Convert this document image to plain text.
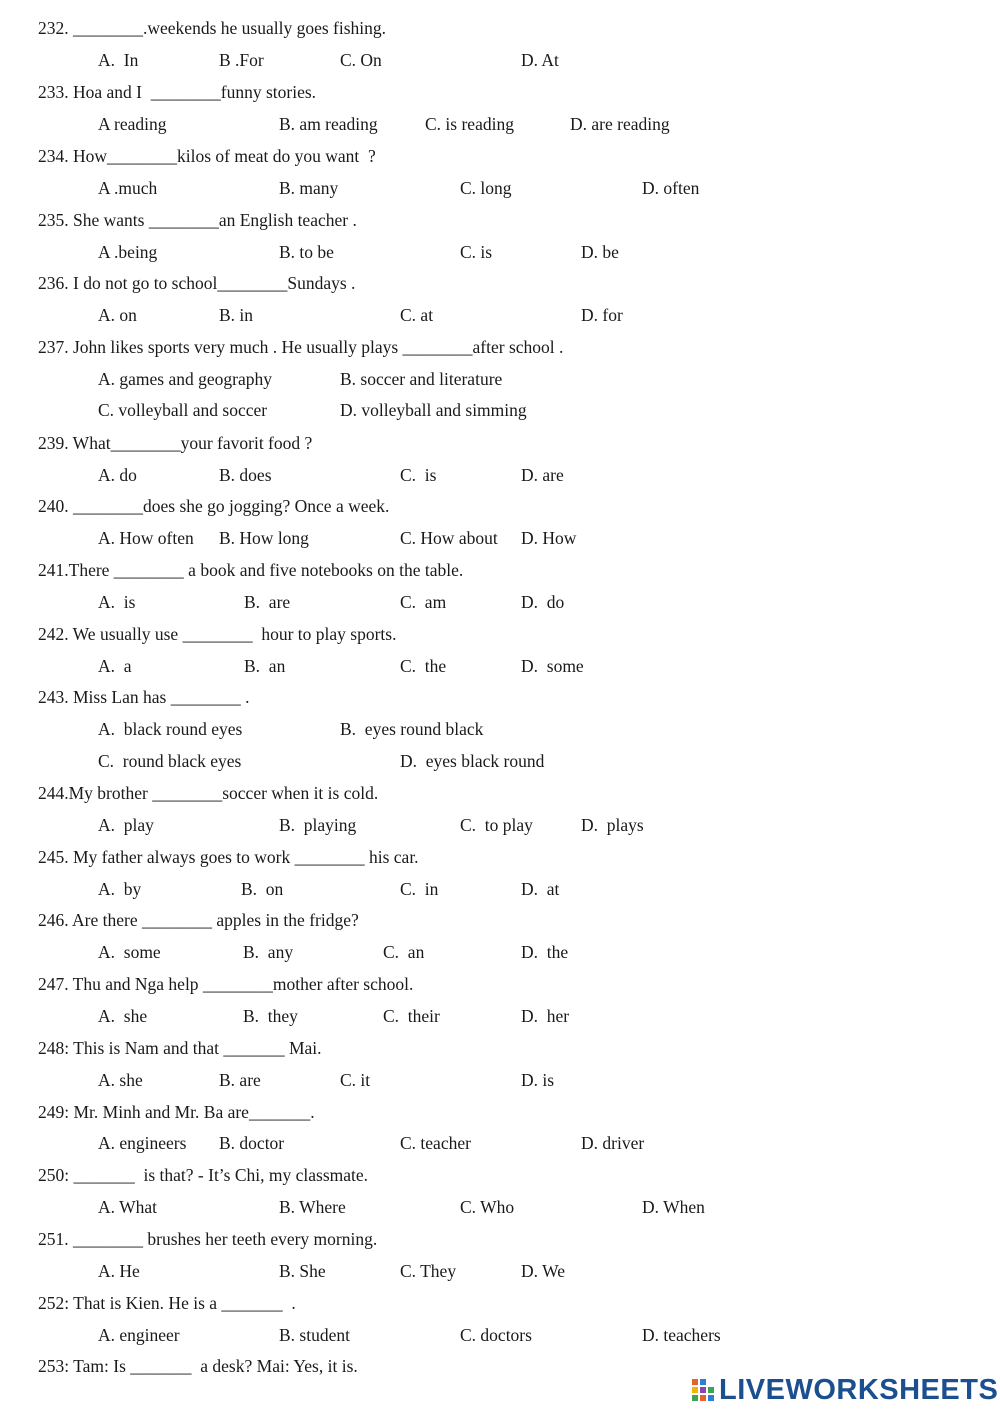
232. ________.weekends he usually goes fishing.
A.  In	B .For	C. On	D. At
233. Hoa and I  ________funny stories.
A reading	B. am reading	C. is reading	D. are reading
234. How________kilos of meat do you want  ?
A .much	B. many	C. long	D. often
235. She wants ________an English teacher .
A .being	B. to be	C. is	D. be
236. I do not go to school________Sundays .
A. on	B. in	C. at	D. for
237. John likes sports very much . He usually plays ________after school .
A. games and geography	B. soccer and literature
C. volleyball and soccer	D. volleyball and simming
239. What________your favorit food ?
A. do	B. does	C.  is	D. are
240. ________does she go jogging? Once a week.
A. How often B. How long	C. How about D. How
241.There ________ a book and five notebooks on the table.
A.  is	B.  are	C.  am	D.  do
242. We usually use ________  hour to play sports.
A.  a	B.  an	C.  the	D.  some
243. Miss Lan has ________ .
A.  black round eyes	B.  eyes round black
C.  round black eyes	D.  eyes black round
244.My brother ________soccer when it is cold.
A.  play	B.  playing	C.  to play	D.  plays
245. My father always goes to work ________ his car.
A.  by	B.  on	C.  in	D.  at
246. Are there ________ apples in the fridge?
A.  some	B.  any	C.  an	D.  the
247. Thu and Nga help ________mother after school.
A.  she	B.  they	C.  their	D.  her
248: This is Nam and that _______ Mai.
A. she	B. are	C. it	D. is
249: Mr. Minh and Mr. Ba are_______.
A. engineers B. doctor	C. teacher	D. driver
250: _______  is that? - It’s Chi, my classmate.
A. What	B. Where	C. Who	D. When
251. ________ brushes her teeth every morning.
A. He	B. She	C. They	D. We
252: That is Kien. He is a _______  .
A. engineer	B. student	C. doctors	D. teachers
253: Tam: Is _______  a desk? Mai: Yes, it is.
LIVEWORKSHEETS
